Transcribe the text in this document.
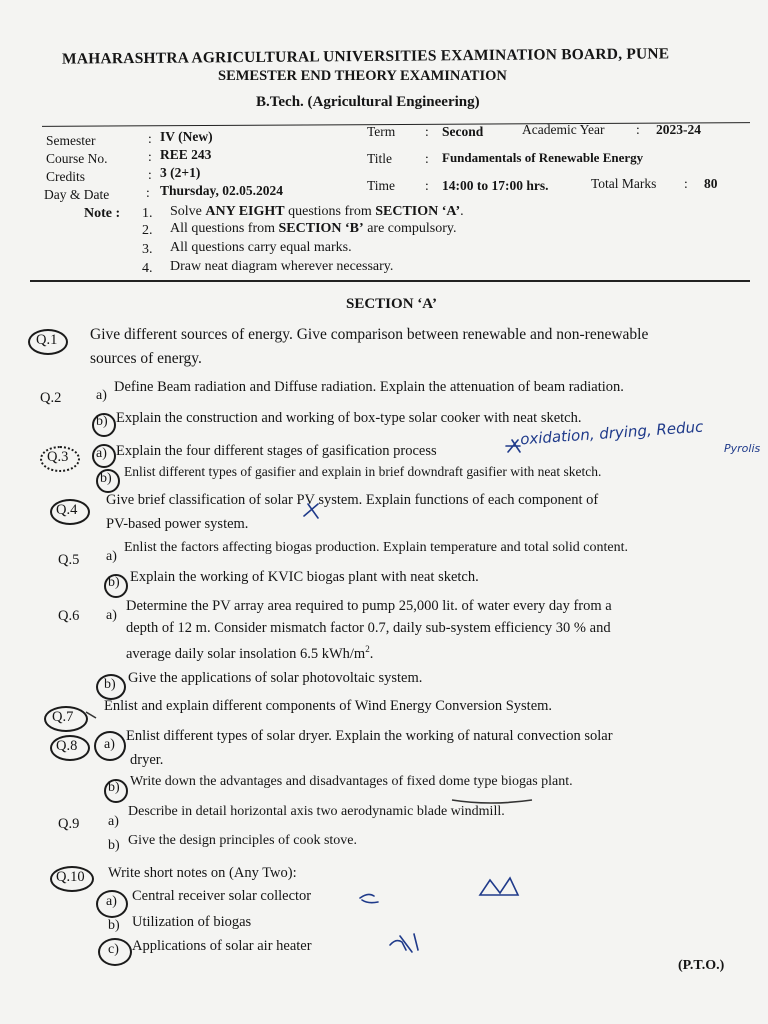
MAHARASHTRA AGRICULTURAL UNIVERSITIES EXAMINATION BOARD, PUNE
SEMESTER END THEORY EXAMINATION
B.Tech. (Agricultural Engineering)
Semester	: IV (New)
Course No.	: REE 243
Credits	: 3 (2+1)
Day & Date	: Thursday, 02.05.2024
Term : Second	Academic Year : 2023-24
Title : Fundamentals of Renewable Energy
Time : 14:00 to 17:00 hrs.	Total Marks : 80
Note : 1. Solve ANY EIGHT questions from SECTION ‘A’.
2. All questions from SECTION ‘B’ are compulsory.
3. All questions carry equal marks.
4. Draw neat diagram wherever necessary.
SECTION ‘A’
Q.1 Give different sources of energy. Give comparison between renewable and non-renewable
sources of energy.
Q.2 a)
Define Beam radiation and Diffuse radiation. Explain the attenuation of beam radiation.
b) Explain the construction and working of box-type solar cooker with neat sketch.
Q.3 a) Explain the four different stages of gasification process
oxidation, drying, Reduc
Pyrolis
b) Enlist different types of gasifier and explain in brief downdraft gasifier with neat sketch.
Q.4
Give brief classification of solar PV system. Explain functions of each component of
PV-based power system.
Q.5 a)
Enlist the factors affecting biogas production. Explain temperature and total solid content.
b) Explain the working of KVIC biogas plant with neat sketch.
Q.6 a)
Determine the PV array area required to pump 25,000 lit. of water every day from a
depth of 12 m. Consider mismatch factor 0.7, daily sub-system efficiency 30 % and
average daily solar insolation 6.5 kWh/$m^2$.
b) Give the applications of solar photovoltaic system.
Q.7
Enlist and explain different components of Wind Energy Conversion System.
Q.8 a)
Enlist different types of solar dryer. Explain the working of natural convection solar
dryer.
b) Write down the advantages and disadvantages of fixed dome type biogas plant.
Q.9 a)
Describe in detail horizontal axis two aerodynamic blade windmill.
b) Give the design principles of cook stove.
Q.10 Write short notes on (Any Two):
a) Central receiver solar collector
b) Utilization of biogas
c) Applications of solar air heater
(P.T.O.)
